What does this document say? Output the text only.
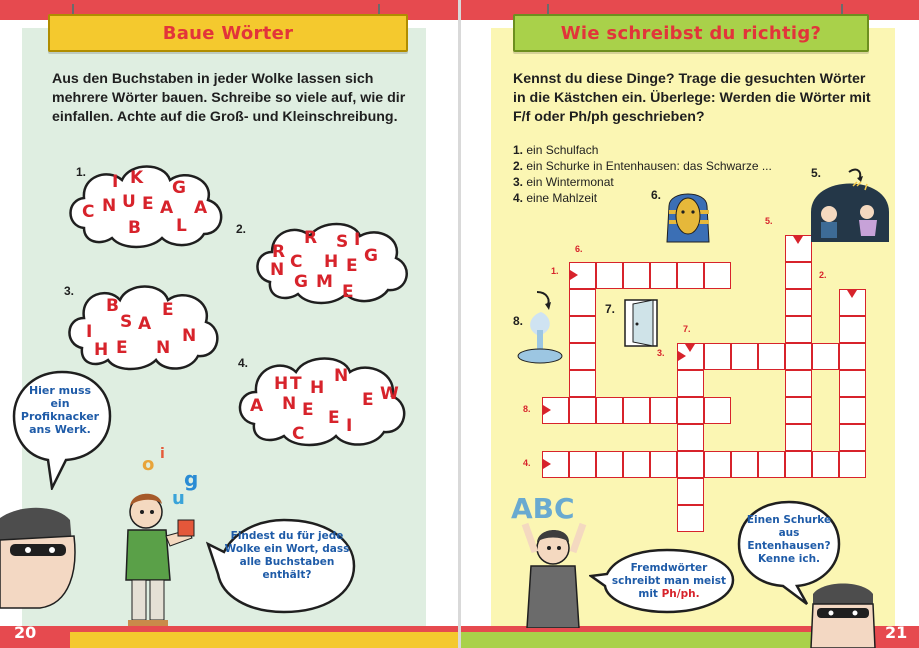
Baue Wörter
Aus den Buchstaben in jeder Wolke lassen sich mehrere Wörter bauen. Schreibe so viele auf, wie dir einfallen. Achte auf die Groß- und Kleinschreibung.
1. I K G
C N U E A
B L
A
2.	R S
R
I
G
N C H E
G M E
3.
B
S A
E
I
H E N
N
4.
N
H T H	W
E
A N E E
C I
Hier muss ein Profiknacker ans Werk.
o i
g
u
Findest du für jede Wolke ein Wort, dass alle Buchstaben enthält?
20
Wie schreibst du richtig?
Kennst du diese Dinge? Trage die gesuchten Wörter in die Kästchen ein. Überlege: Werden die Wörter mit F/f oder Ph/ph geschrieben?
1. ein Schulfach
2. ein Schurke in Entenhausen: das Schwarze ...
3. ein Wintermonat
4. eine Mahlzeit
1.	2.
3.
4.
5.
6.
7.
8.
5.
6.
7.
8.
ABC
Fremdwörter schreibt man meist mit Ph/ph.
Einen Schurke aus Entenhausen? Kenne ich.
21
